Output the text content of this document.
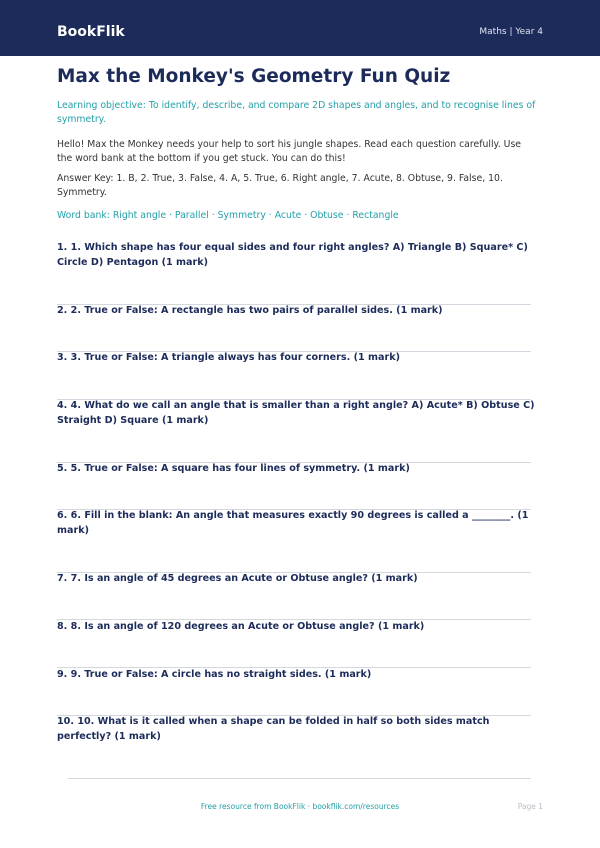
BookFlik	Maths | Year 4
Max the Monkey's Geometry Fun Quiz
Learning objective: To identify, describe, and compare 2D shapes and angles, and to recognise lines of symmetry.
Hello! Max the Monkey needs your help to sort his jungle shapes. Read each question carefully. Use the word bank at the bottom if you get stuck. You can do this!
Answer Key: 1. B, 2. True, 3. False, 4. A, 5. True, 6. Right angle, 7. Acute, 8. Obtuse, 9. False, 10. Symmetry.
Word bank: Right angle · Parallel · Symmetry · Acute · Obtuse · Rectangle
1. 1. Which shape has four equal sides and four right angles? A) Triangle B) Square* C) Circle D) Pentagon (1 mark)
2. 2. True or False: A rectangle has two pairs of parallel sides. (1 mark)
3. 3. True or False: A triangle always has four corners. (1 mark)
4. 4. What do we call an angle that is smaller than a right angle? A) Acute* B) Obtuse C) Straight D) Square (1 mark)
5. 5. True or False: A square has four lines of symmetry. (1 mark)
6. 6. Fill in the blank: An angle that measures exactly 90 degrees is called a ________. (1 mark)
7. 7. Is an angle of 45 degrees an Acute or Obtuse angle? (1 mark)
8. 8. Is an angle of 120 degrees an Acute or Obtuse angle? (1 mark)
9. 9. True or False: A circle has no straight sides. (1 mark)
10. 10. What is it called when a shape can be folded in half so both sides match perfectly? (1 mark)
Free resource from BookFlik · bookflik.com/resources	Page 1
